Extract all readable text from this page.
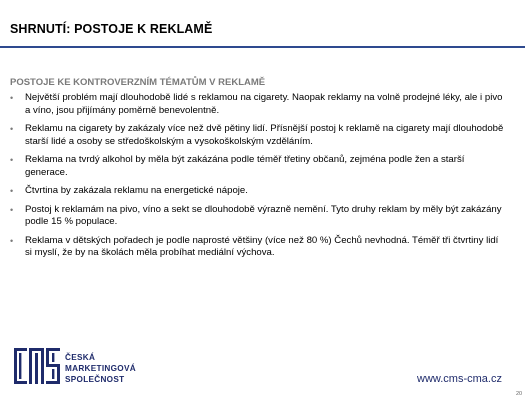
SHRNUTÍ: POSTOJE K REKLAMĚ
POSTOJE KE KONTROVERZNÍM TÉMATŮM V REKLAMĚ
• Největší problém mají dlouhodobě lidé s reklamou na cigarety. Naopak reklamy na volně prodejné léky, ale i pivo a víno, jsou přijímány poměrně benevolentně.
• Reklamu na cigarety by zakázaly více než dvě pětiny lidí. Přísnější postoj k reklamě na cigarety mají dlouhodobě starší lidé a osoby se středoškolským a vysokoškolským vzděláním.
• Reklama na tvrdý alkohol by měla být zakázána podle téměř třetiny občanů, zejména podle žen a starší generace.
• Čtvrtina by zakázala reklamu na energetické nápoje.
• Postoj k reklamám na pivo, víno a sekt se dlouhodobě výrazně nemění. Tyto druhy reklam by měly být zakázány podle 15 % populace.
• Reklama v dětských pořadech je podle naprosté většiny (více než 80 %) Čechů nevhodná. Téměř tři čtvrtiny lidí si myslí, že by na školách měla probíhat mediální výchova.
ČESKÁ
MARKETINGOVÁ
SPOLEČNOST	www.cms-cma.cz
20
